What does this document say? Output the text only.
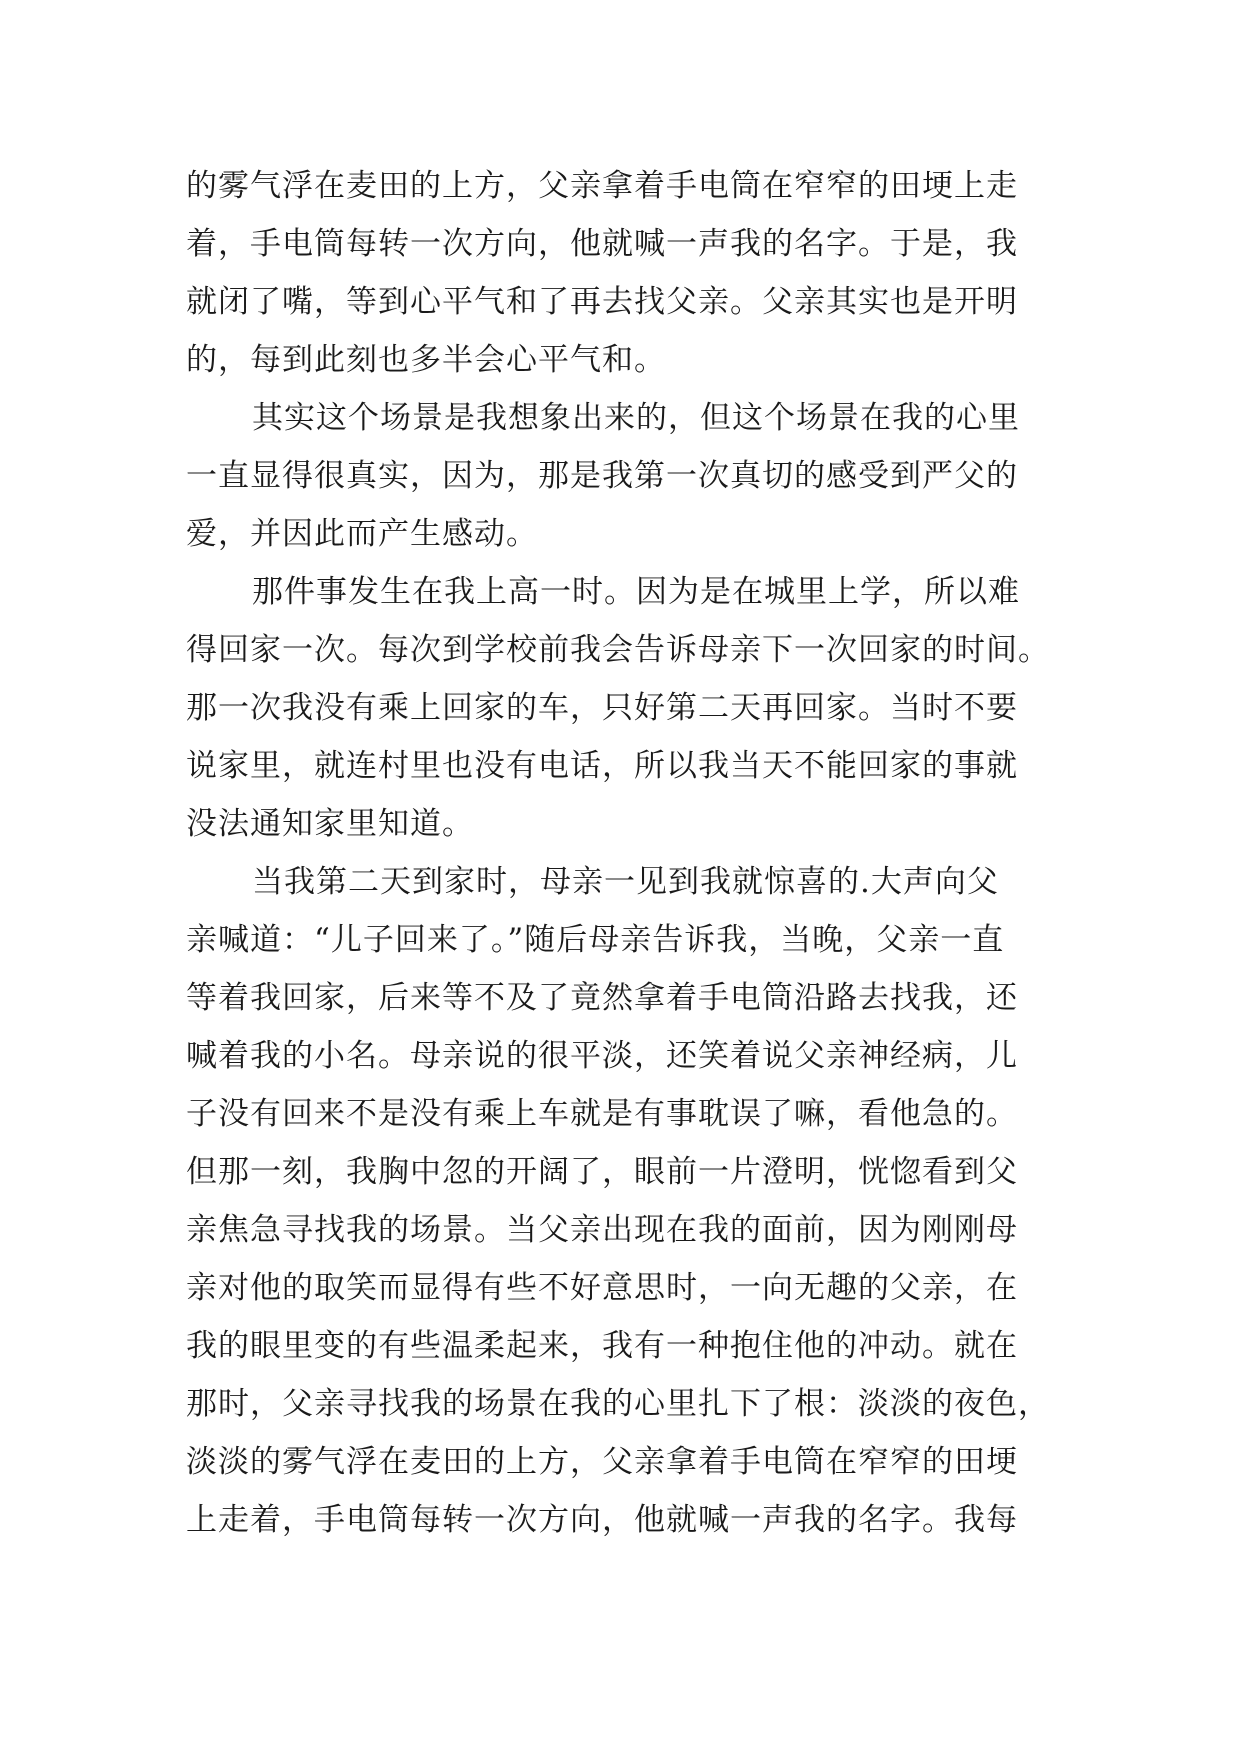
的雾气浮在麦田的上方，父亲拿着手电筒在窄窄的田埂上走
着，手电筒每转一次方向，他就喊一声我的名字。于是，我
就闭了嘴，等到心平气和了再去找父亲。父亲其实也是开明
的，每到此刻也多半会心平气和。
其实这个场景是我想象出来的，但这个场景在我的心里
一直显得很真实，因为，那是我第一次真切的感受到严父的
爱，并因此而产生感动。
那件事发生在我上高一时。因为是在城里上学，所以难
得回家一次。每次到学校前我会告诉母亲下一次回家的时间。
那一次我没有乘上回家的车，只好第二天再回家。当时不要
说家里，就连村里也没有电话，所以我当天不能回家的事就
没法通知家里知道。
当我第二天到家时，母亲一见到我就惊喜的.大声向父
亲喊道：“儿子回来了。”随后母亲告诉我，当晚，父亲一直
等着我回家，后来等不及了竟然拿着手电筒沿路去找我，还
喊着我的小名。母亲说的很平淡，还笑着说父亲神经病，儿
子没有回来不是没有乘上车就是有事耽误了嘛，看他急的。
但那一刻，我胸中忽的开阔了，眼前一片澄明，恍惚看到父
亲焦急寻找我的场景。当父亲出现在我的面前，因为刚刚母
亲对他的取笑而显得有些不好意思时，一向无趣的父亲，在
我的眼里变的有些温柔起来，我有一种抱住他的冲动。就在
那时，父亲寻找我的场景在我的心里扎下了根：淡淡的夜色，
淡淡的雾气浮在麦田的上方，父亲拿着手电筒在窄窄的田埂
上走着，手电筒每转一次方向，他就喊一声我的名字。我每
